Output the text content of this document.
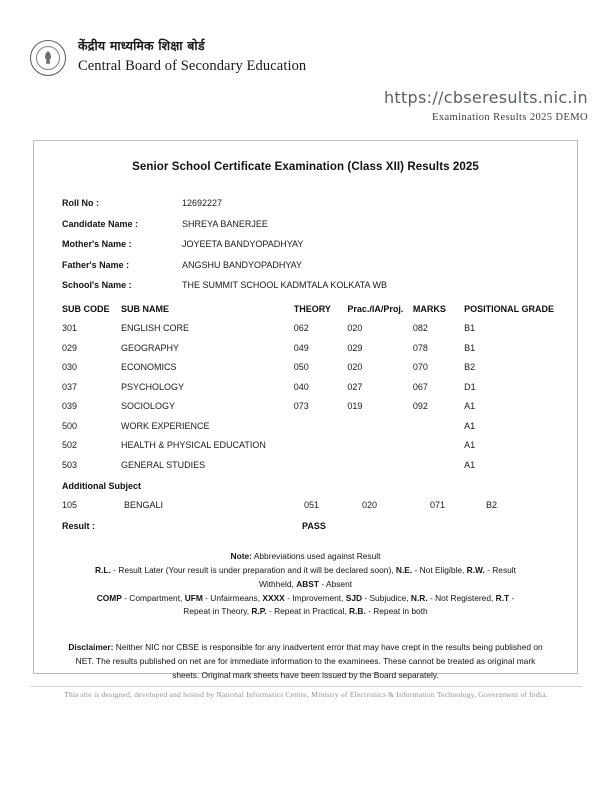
केंद्रीय माध्यमिक शिक्षा बोर्ड
Central Board of Secondary Education
https://cbseresults.nic.in
Examination Results 2025 DEMO
Senior School Certificate Examination (Class XII) Results 2025
Roll No :	12692227
Candidate Name :	SHREYA BANERJEE
Mother's Name :	JOYEETA BANDYOPADHYAY
Father's Name :	ANGSHU BANDYOPADHYAY
School's Name :	THE SUMMIT SCHOOL KADMTALA KOLKATA WB
SUB CODE	SUB NAME	THEORY	Prac./IA/Proj.	MARKS	POSITIONAL GRADE
301	ENGLISH CORE	062	020	082	B1
029	GEOGRAPHY	049	029	078	B1
030	ECONOMICS	050	020	070	B2
037	PSYCHOLOGY	040	027	067	D1
039	SOCIOLOGY	073	019	092	A1
500	WORK EXPERIENCE				A1
502	HEALTH & PHYSICAL EDUCATION				A1
503	GENERAL STUDIES				A1
Additional Subject
105	BENGALI	051	020	071	B2
Result :	PASS
Note: Abbreviations used against Result
R.L. - Result Later (Your result is under preparation and it will be declared soon), N.E. - Not Eligible, R.W. - Result
Withheld, ABST - Absent
COMP - Compartment, UFM - Unfairmeans, XXXX - Improvement, SJD - Subjudice, N.R. - Not Registered, R.T -
Repeat in Theory, R.P. - Repeat in Practical, R.B. - Repeat in both
Disclaimer: Neither NIC nor CBSE is responsible for any inadvertent error that may have crept in the results being published on NET. The results published on net are for immediate information to the examinees. These cannot be treated as original mark sheets. Original mark sheets have been issued by the Board separately.
This site is designed, developed and hosted by National Informatics Centre, Ministry of Electronics & Information Technology, Government of India.
